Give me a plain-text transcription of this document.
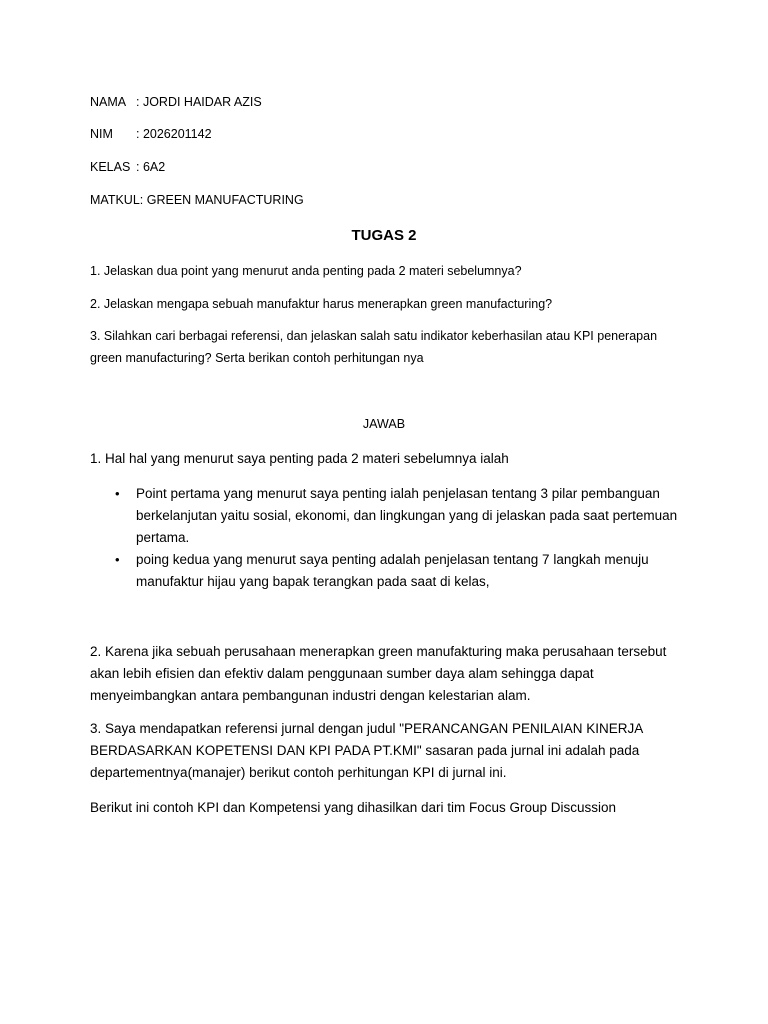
NAMA : JORDI HAIDAR AZIS
NIM : 2026201142
KELAS : 6A2
MATKUL: GREEN MANUFACTURING
TUGAS 2
1. Jelaskan dua point yang menurut anda penting pada 2 materi sebelumnya?
2. Jelaskan mengapa sebuah manufaktur harus menerapkan green manufacturing?
3. Silahkan cari berbagai referensi, dan jelaskan salah satu indikator keberhasilan atau KPI penerapan green manufacturing? Serta berikan contoh perhitungan nya
JAWAB
1. Hal hal yang menurut saya penting pada 2 materi sebelumnya ialah
• Point pertama yang menurut saya penting ialah penjelasan tentang 3 pilar pembanguan berkelanjutan yaitu sosial, ekonomi, dan lingkungan yang di jelaskan pada saat pertemuan pertama.
• poing kedua yang menurut saya penting adalah penjelasan tentang 7 langkah menuju manufaktur hijau yang bapak terangkan pada saat di kelas,
2. Karena jika sebuah perusahaan menerapkan green manufakturing maka perusahaan tersebut akan lebih efisien dan efektiv dalam penggunaan sumber daya alam sehingga dapat menyeimbangkan antara pembangunan industri dengan kelestarian alam.
3. Saya mendapatkan referensi jurnal dengan judul "PERANCANGAN PENILAIAN KINERJA BERDASARKAN KOPETENSI DAN KPI PADA PT.KMI" sasaran pada jurnal ini adalah pada departementnya(manajer) berikut contoh perhitungan KPI di jurnal ini.
Berikut ini contoh KPI dan Kompetensi yang dihasilkan dari tim Focus Group Discussion
